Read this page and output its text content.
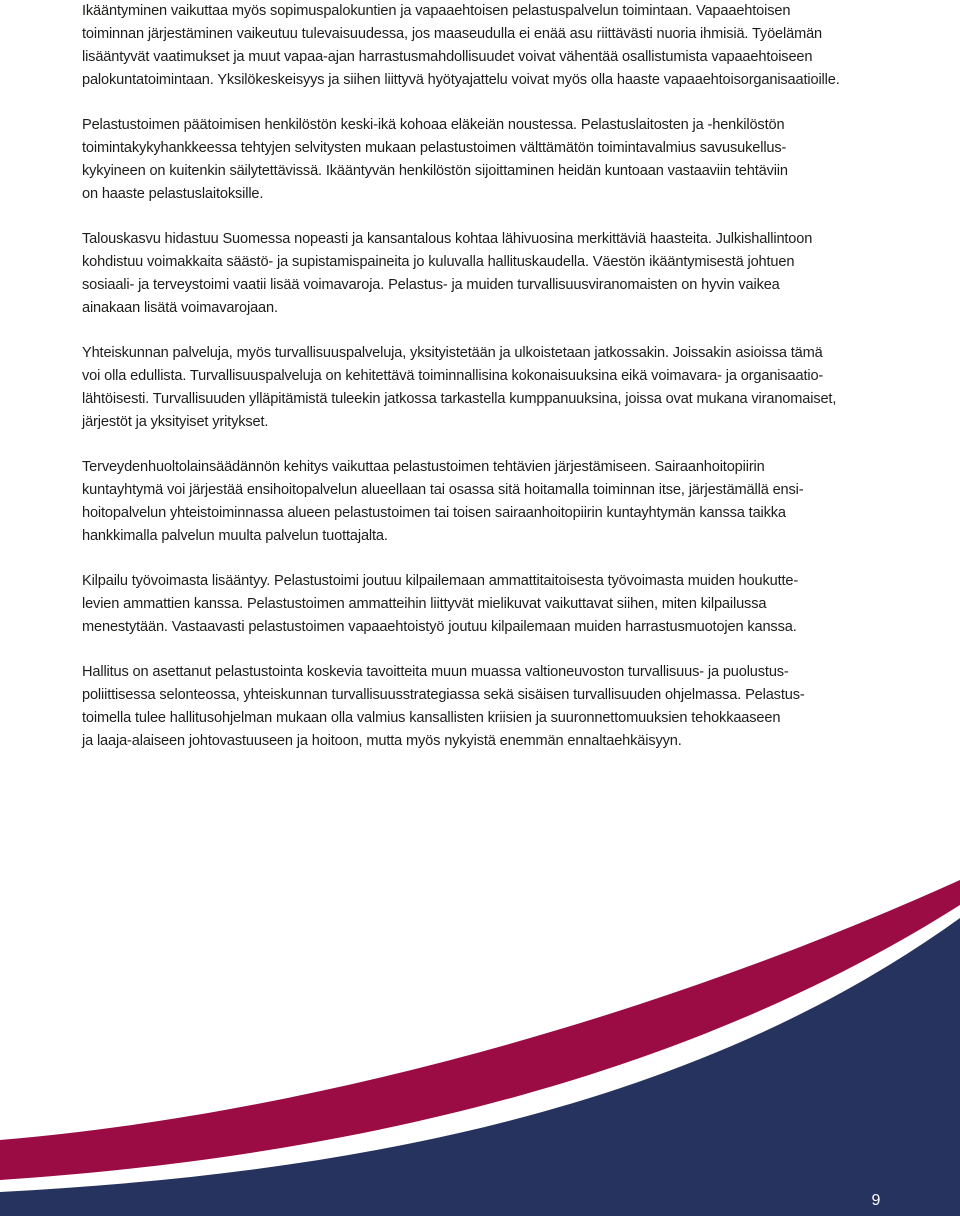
Ikääntyminen vaikuttaa myös sopimuspalokuntien ja vapaaehtoisen pelastuspalvelun toimintaan. Vapaaehtoisen
toiminnan järjestäminen vaikeutuu tulevaisuudessa, jos maaseudulla ei enää asu riittävästi nuoria ihmisiä. Työelämän
lisääntyvät vaatimukset ja muut vapaa-ajan harrastusmahdollisuudet voivat vähentää osallistumista vapaaehtoiseen
palokuntatoimintaan. Yksilökeskeisyys ja siihen liittyvä hyötyajattelu voivat myös olla haaste vapaaehtoisorganisaatioille.

Pelastustoimen päätoimisen henkilöstön keski-ikä kohoaa eläkeiän noustessa. Pelastuslaitosten ja -henkilöstön
toimintakykyhankkeessa tehtyjen selvitysten mukaan pelastustoimen välttämätön toimintavalmius savusukellus-
kykyineen on kuitenkin säilytettävissä. Ikääntyvän henkilöstön sijoittaminen heidän kuntoaan vastaaviin tehtäviin
on haaste pelastuslaitoksille.

Talouskasvu hidastuu Suomessa nopeasti ja kansantalous kohtaa lähivuosina merkittäviä haasteita. Julkishallintoon
kohdistuu voimakkaita säästö- ja supistamispaineita jo kuluvalla hallituskaudella. Väestön ikääntymisestä johtuen
sosiaali- ja terveystoimi vaatii lisää voimavaroja. Pelastus- ja muiden turvallisuusviranomaisten on hyvin vaikea
ainakaan lisätä voimavarojaan.

Yhteiskunnan palveluja, myös turvallisuuspalveluja, yksityistetään ja ulkoistetaan jatkossakin. Joissakin asioissa tämä
voi olla edullista. Turvallisuuspalveluja on kehitettävä toiminnallisina kokonaisuuksina eikä voimavara- ja organisaatio-
lähtöisesti. Turvallisuuden ylläpitämistä tuleekin jatkossa tarkastella kumppanuuksina, joissa ovat mukana viranomaiset,
järjestöt ja yksityiset yritykset.

Terveydenhuoltolainsäädännön kehitys vaikuttaa pelastustoimen tehtävien järjestämiseen. Sairaanhoitopiirin
kuntayhtymä voi järjestää ensihoitopalvelun alueellaan tai osassa sitä hoitamalla toiminnan itse, järjestämällä ensi-
hoitopalvelun yhteistoiminnassa alueen pelastustoimen tai toisen sairaanhoitopiirin kuntayhtymän kanssa taikka
hankkimalla palvelun muulta palvelun tuottajalta.

Kilpailu työvoimasta lisääntyy. Pelastustoimi joutuu kilpailemaan ammattitaitoisesta työvoimasta muiden houkutte-
levien ammattien kanssa. Pelastustoimen ammatteihin liittyvät mielikuvat vaikuttavat siihen, miten kilpailussa
menestytään. Vastaavasti pelastustoimen vapaaehtoistyö joutuu kilpailemaan muiden harrastusmuotojen kanssa.

Hallitus on asettanut pelastustointa koskevia tavoitteita muun muassa valtioneuvoston turvallisuus- ja puolustus-
poliittisessa selonteossa, yhteiskunnan turvallisuusstrategiassa sekä sisäisen turvallisuuden ohjelmassa. Pelastus-
toimella tulee hallitusohjelman mukaan olla valmius kansallisten kriisien ja suuronnettomuuksien tehokkaaseen
ja laaja-alaiseen johtovastuuseen ja hoitoon, mutta myös nykyistä enemmän ennaltaehkäisyyn.

9
